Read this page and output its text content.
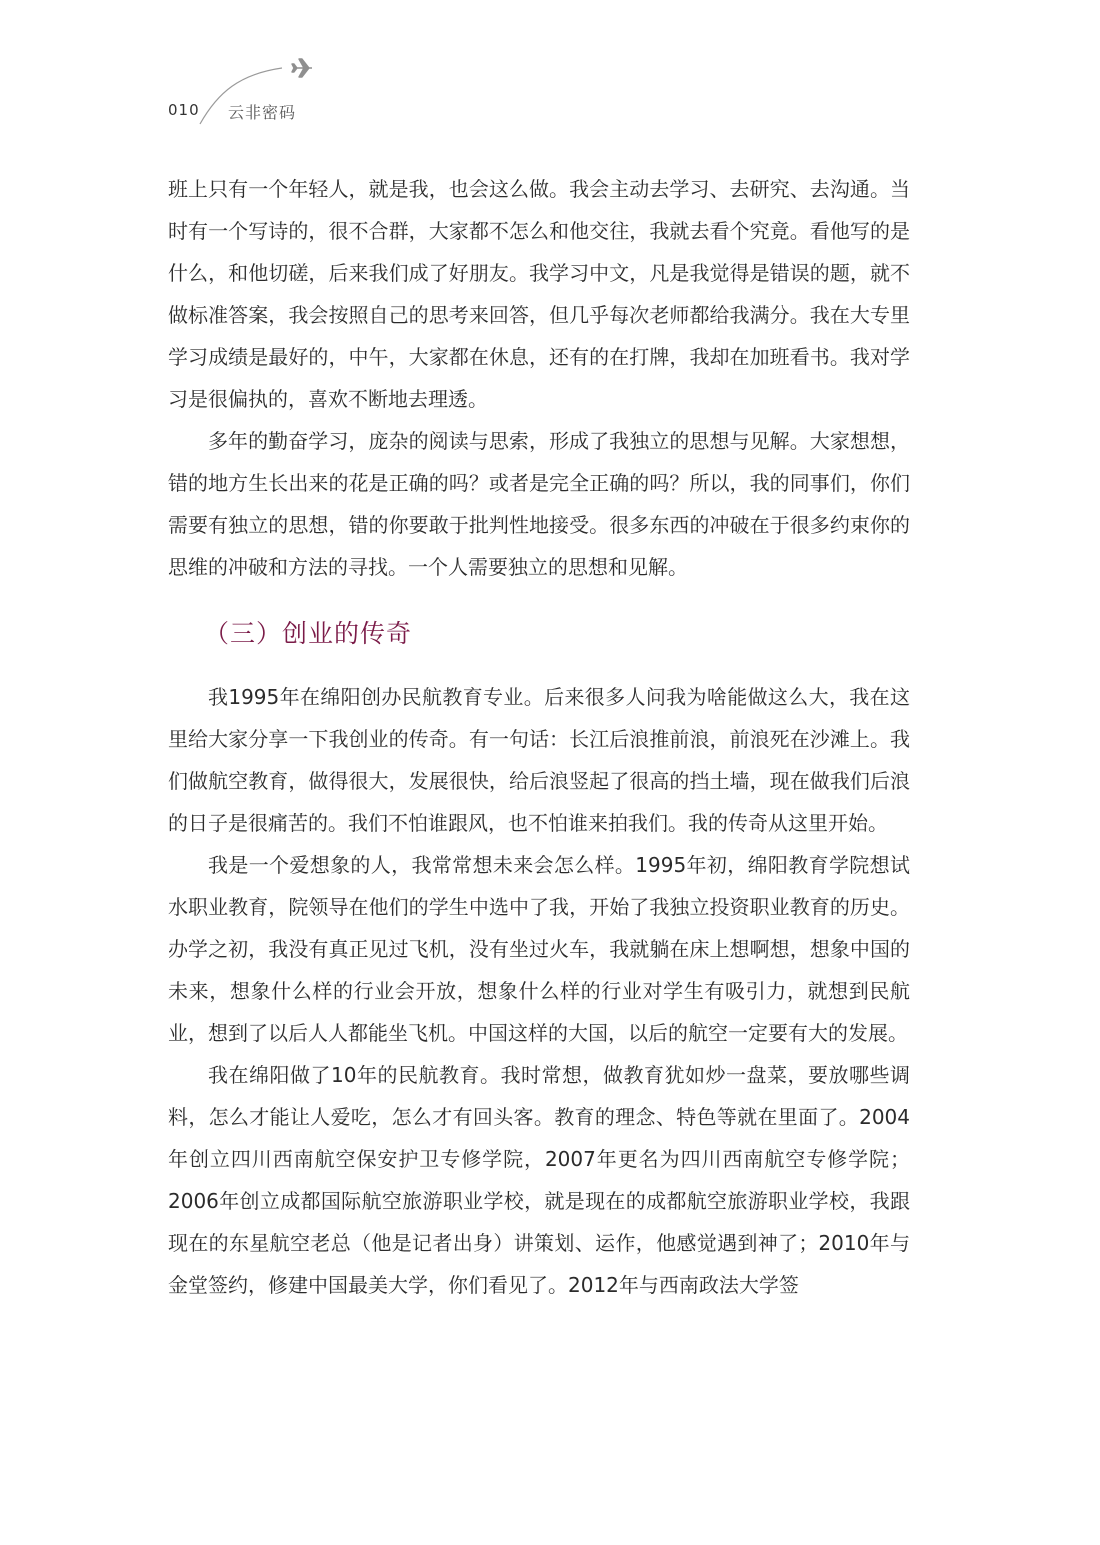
010 云非密码

班上只有一个年轻人，就是我，也会这么做。我会主动去学习、去研究、去沟通。当时有一个写诗的，很不合群，大家都不怎么和他交往，我就去看个究竟。看他写的是什么，和他切磋，后来我们成了好朋友。我学习中文，凡是我觉得是错误的题，就不做标准答案，我会按照自己的思考来回答，但几乎每次老师都给我满分。我在大专里学习成绩是最好的，中午，大家都在休息，还有的在打牌，我却在加班看书。我对学习是很偏执的，喜欢不断地去理透。

多年的勤奋学习，庞杂的阅读与思索，形成了我独立的思想与见解。大家想想，错的地方生长出来的花是正确的吗？或者是完全正确的吗？所以，我的同事们，你们需要有独立的思想，错的你要敢于批判性地接受。很多东西的冲破在于很多约束你的思维的冲破和方法的寻找。一个人需要独立的思想和见解。

（三）创业的传奇

我1995年在绵阳创办民航教育专业。后来很多人问我为啥能做这么大，我在这里给大家分享一下我创业的传奇。有一句话：长江后浪推前浪，前浪死在沙滩上。我们做航空教育，做得很大，发展很快，给后浪竖起了很高的挡土墙，现在做我们后浪的日子是很痛苦的。我们不怕谁跟风，也不怕谁来拍我们。我的传奇从这里开始。

我是一个爱想象的人，我常常想未来会怎么样。1995年初，绵阳教育学院想试水职业教育，院领导在他们的学生中选中了我，开始了我独立投资职业教育的历史。办学之初，我没有真正见过飞机，没有坐过火车，我就躺在床上想啊想，想象中国的未来，想象什么样的行业会开放，想象什么样的行业对学生有吸引力，就想到民航业，想到了以后人人都能坐飞机。中国这样的大国，以后的航空一定要有大的发展。

我在绵阳做了10年的民航教育。我时常想，做教育犹如炒一盘菜，要放哪些调料，怎么才能让人爱吃，怎么才有回头客。教育的理念、特色等就在里面了。2004年创立四川西南航空保安护卫专修学院，2007年更名为四川西南航空专修学院；2006年创立成都国际航空旅游职业学校，就是现在的成都航空旅游职业学校，我跟现在的东星航空老总（他是记者出身）讲策划、运作，他感觉遇到神了；2010年与金堂签约，修建中国最美大学，你们看见了。2012年与西南政法大学签
